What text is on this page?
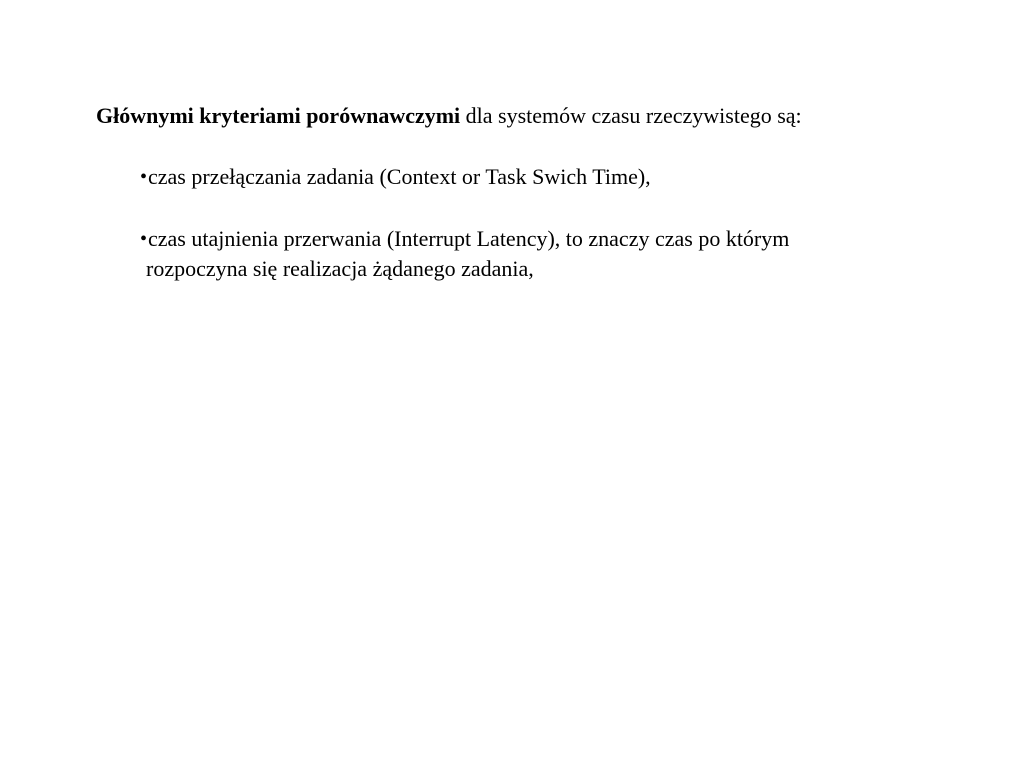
Głównymi kryteriami porównawczymi dla systemów czasu rzeczywistego są:

•czas przełączania zadania (Context or Task Swich Time),
•czas utajnienia przerwania (Interrupt Latency), to znaczy czas po którym
rozpoczyna się realizacja żądanego zadania,
